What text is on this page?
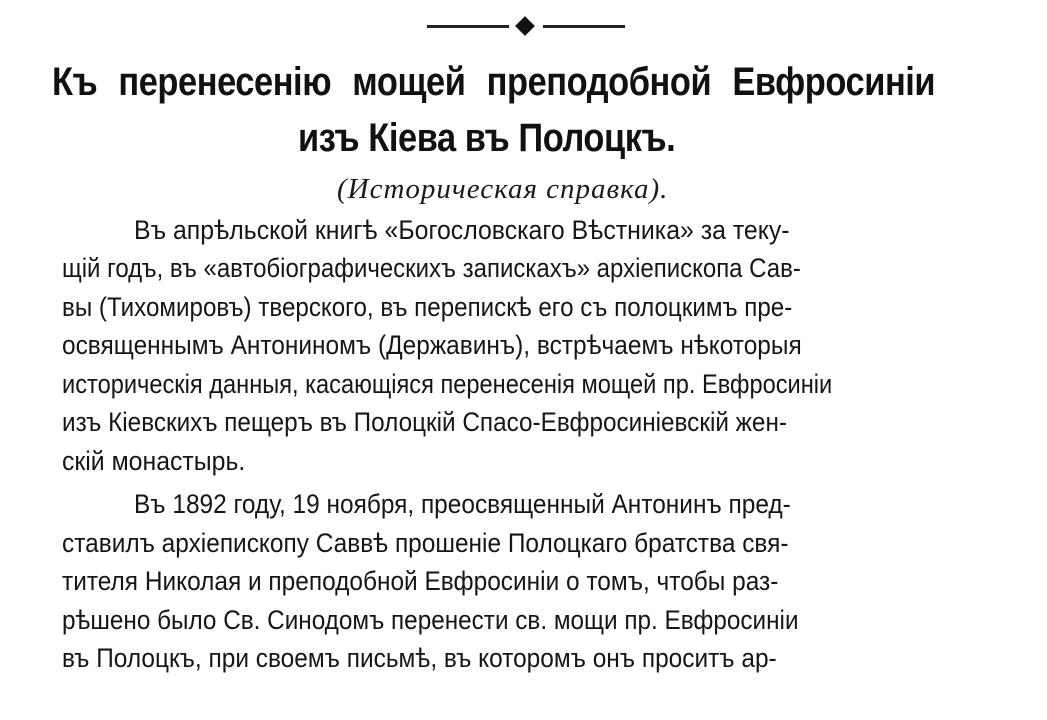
Къ перенесенію мощей преподобной Евфросиніи
изъ Кіева въ Полоцкъ.

(Историческая справка).

Въ апрѣльской книгѣ «Богословскаго Вѣстника» за теку-

щій годъ, въ «автобіографическихъ запискахъ» архіепископа Сав-

вы (Тихомировъ) тверского, въ перепискѣ его съ полоцкимъ пре-

освященнымъ Антониномъ (Державинъ), встрѣчаемъ нѣкоторыя

историческія данныя, касающіяся перенесенія мощей пр. Евфросиніи

изъ Кіевскихъ пещеръ въ Полоцкій Спасо-Евфросиніевскій жен-

скій монастырь.

Въ 1892 году, 19 ноября, преосвященный Антонинъ пред-

ставилъ архіепископу Саввѣ прошеніе Полоцкаго братства свя-

тителя Николая и преподобной Евфросиніи о томъ, чтобы раз-

рѣшено было Св. Синодомъ перенести св. мощи пр. Евфросиніи

въ Полоцкъ, при своемъ письмѣ, въ которомъ онъ проситъ ар-
